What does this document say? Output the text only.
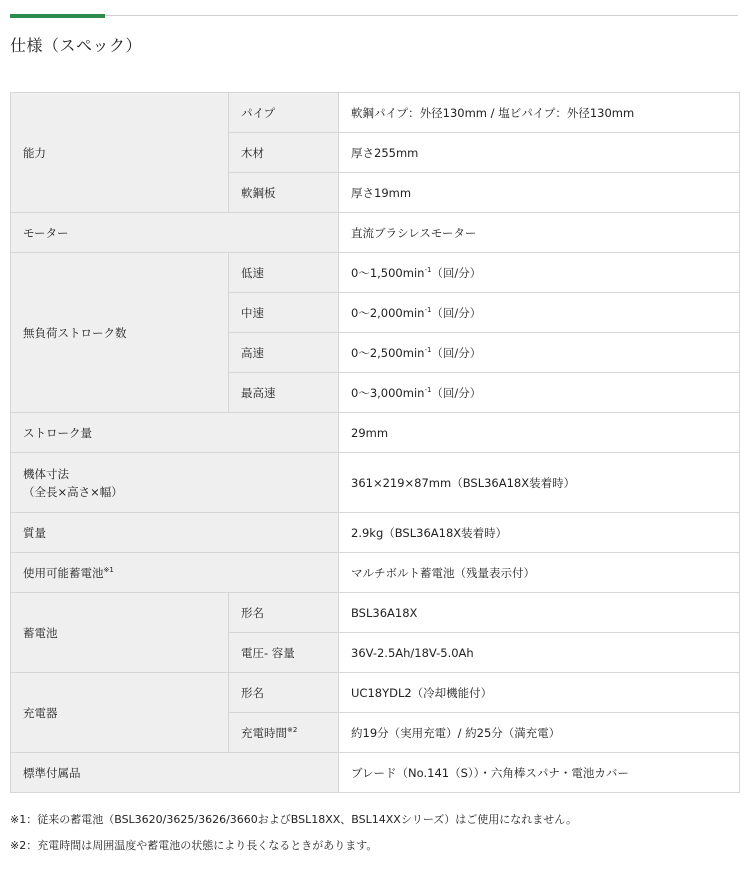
仕様（スペック）
能力	パイプ	軟鋼パイプ：外径130mm / 塩ビパイプ：外径130mm
	木材	厚さ255mm
	軟鋼板	厚さ19mm
モーター		直流ブラシレスモーター
無負荷ストローク数	低速	0〜$1,500\min^{-1}$（回/分）
	中速	0〜$2,000\min^{-1}$（回/分）
	高速	0〜$2,500\min^{-1}$（回/分）
	最高速	0〜$3,000\min^{-1}$（回/分）
ストローク量		29mm
機体寸法
（全長×高さ×幅）		361×219×87mm（BSL36A18X装着時）
質量		2.9kg（BSL36A18X装着時）
使用可能蓄電池$^{※1}$		マルチボルト蓄電池（残量表示付）
蓄電池	形名	BSL36A18X
	電圧- 容量	36V-2.5Ah/18V-5.0Ah
充電器	形名	UC18YDL2（冷却機能付）
	充電時間$^{※2}$	約19分（実用充電）/ 約25分（満充電）
標準付属品		ブレード（No.141（S））・六角棒スパナ・電池カバー

※1：従来の蓄電池（BSL3620/3625/3626/3660およびBSL18XX、BSL14XXシリーズ）はご使用になれません。

※2：充電時間は周囲温度や蓄電池の状態により長くなるときがあります。
